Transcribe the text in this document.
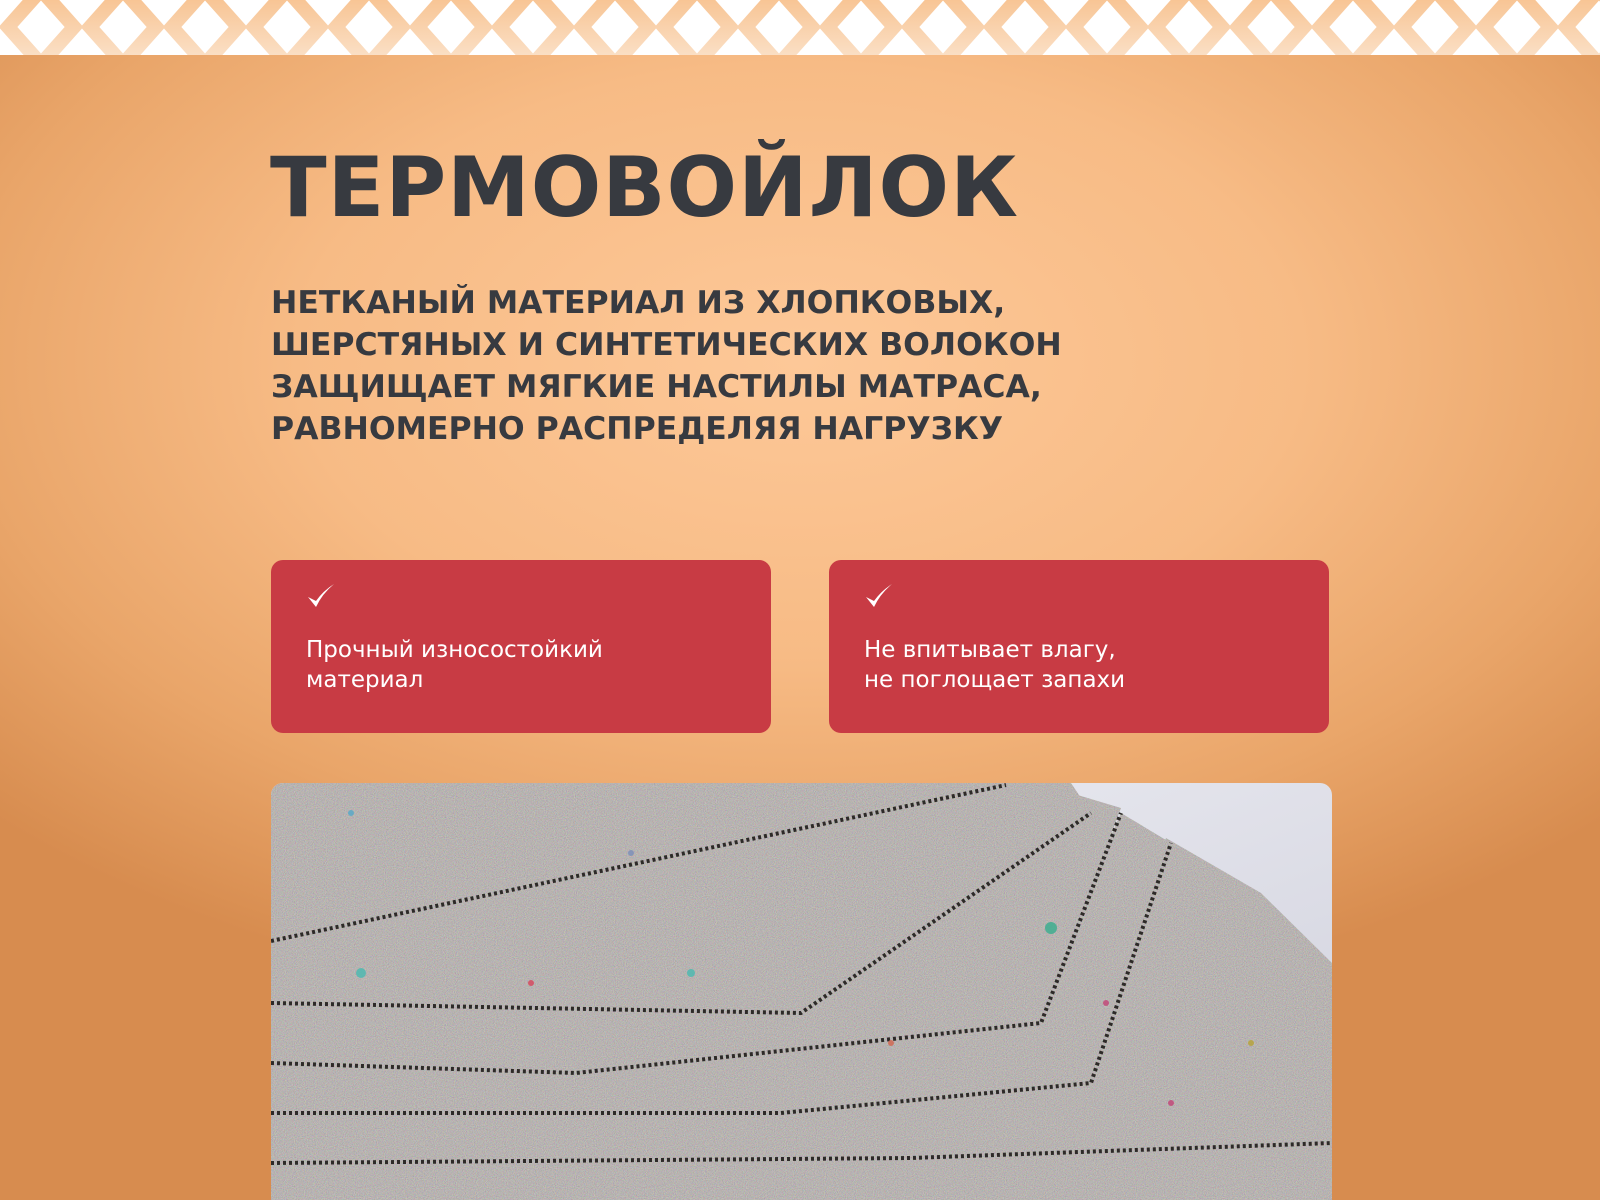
ТЕРМОВОЙЛОК
НЕТКАНЫЙ МАТЕРИАЛ ИЗ ХЛОПКОВЫХ,
ШЕРСТЯНЫХ И СИНТЕТИЧЕСКИХ ВОЛОКОН
ЗАЩИЩАЕТ МЯГКИЕ НАСТИЛЫ МАТРАСА,
РАВНОМЕРНО РАСПРЕДЕЛЯЯ НАГРУЗКУ
Прочный износостойкий
материал
Не впитывает влагу,
не поглощает запахи
